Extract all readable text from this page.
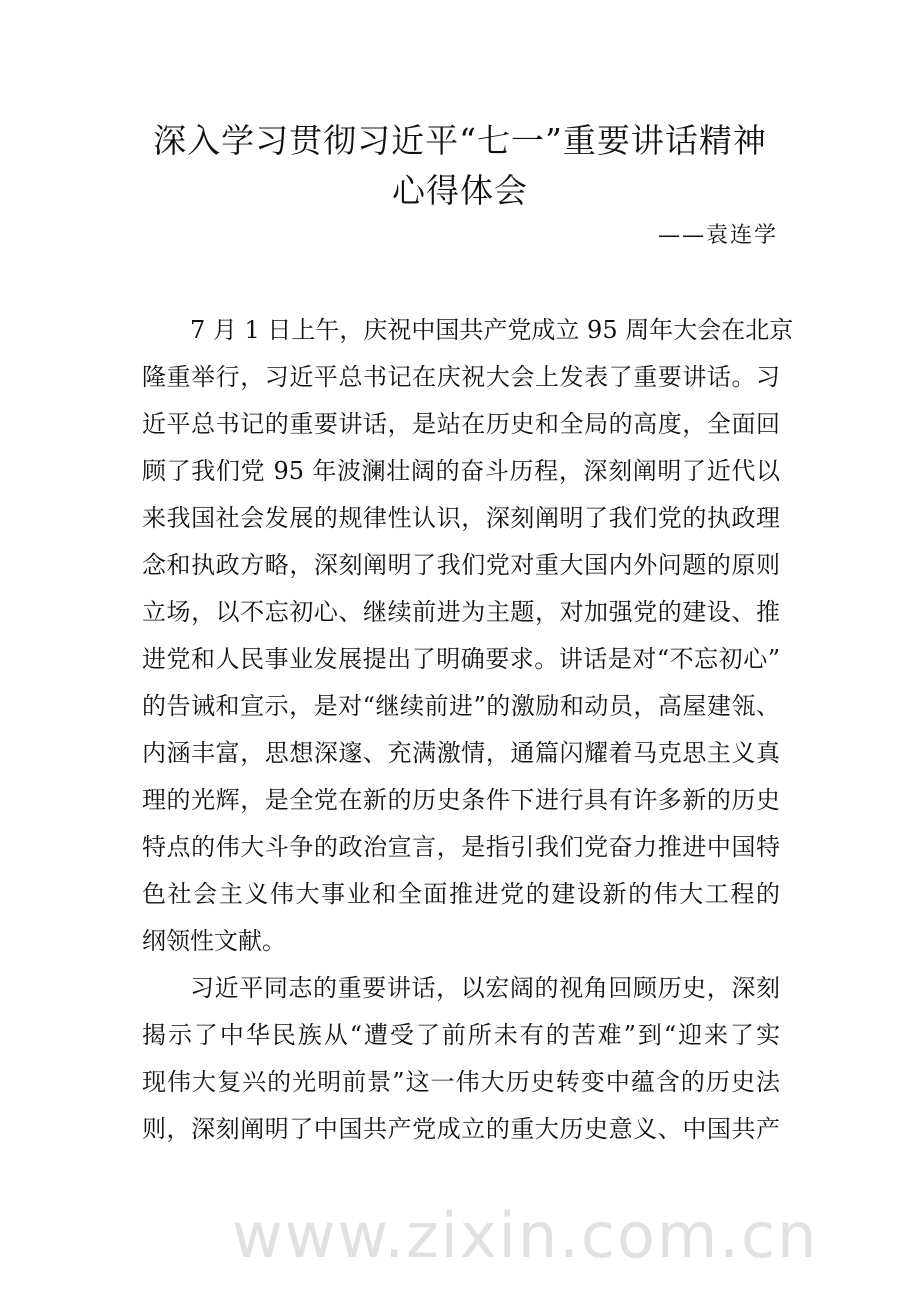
深入学习贯彻习近平“七一”重要讲话精神
心得体会
——袁连学
7 月 1 日上午，庆祝中国共产党成立 95 周年大会在北京
隆重举行，习近平总书记在庆祝大会上发表了重要讲话。习
近平总书记的重要讲话，是站在历史和全局的高度，全面回
顾了我们党 95 年波澜壮阔的奋斗历程，深刻阐明了近代以
来我国社会发展的规律性认识，深刻阐明了我们党的执政理
念和执政方略，深刻阐明了我们党对重大国内外问题的原则
立场，以不忘初心、继续前进为主题，对加强党的建设、推
进党和人民事业发展提出了明确要求。讲话是对“不忘初心”
的告诫和宣示，是对“继续前进”的激励和动员，高屋建瓴、
内涵丰富，思想深邃、充满激情，通篇闪耀着马克思主义真
理的光辉，是全党在新的历史条件下进行具有许多新的历史
特点的伟大斗争的政治宣言，是指引我们党奋力推进中国特
色社会主义伟大事业和全面推进党的建设新的伟大工程的
纲领性文献。
习近平同志的重要讲话，以宏阔的视角回顾历史，深刻
揭示了中华民族从“遭受了前所未有的苦难”到“迎来了实
现伟大复兴的光明前景”这一伟大历史转变中蕴含的历史法
则，深刻阐明了中国共产党成立的重大历史意义、中国共产
www.zixin.com.cn
